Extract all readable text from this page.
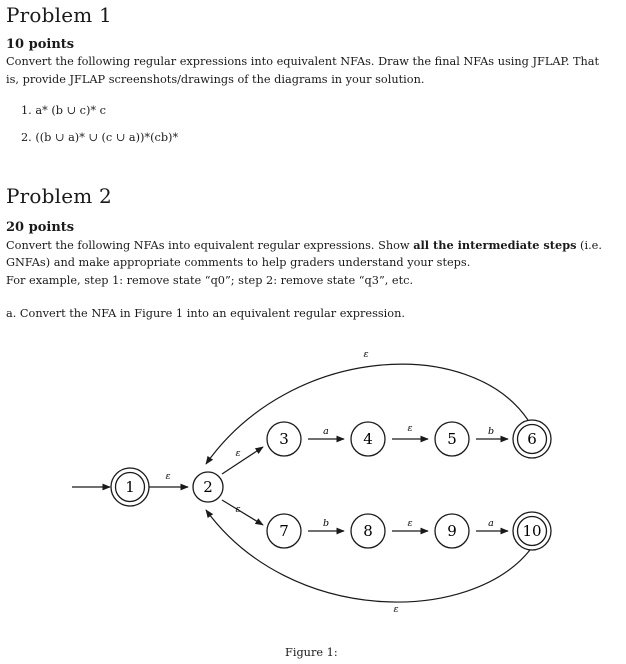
Problem 1
10 points
Convert the following regular expressions into equivalent NFAs. Draw the final NFAs using JFLAP. That
is, provide JFLAP screenshots/drawings of the diagrams in your solution.
1. a* (b ∪ c)* c
2. ((b ∪ a)* ∪ (c ∪ a))*(cb)*
Problem 2
20 points
Convert the following NFAs into equivalent regular expressions. Show all the intermediate steps (i.e.
GNFAs) and make appropriate comments to help graders understand your steps.
For example, step 1: remove state “q0”; step 2: remove state “q3”, etc.
a. Convert the NFA in Figure 1 into an equivalent regular expression.
1	2
3	4	5	6
7	8	9	10
ε
ε
a	ε	b
ε
ε
b	ε	a
ε
Figure 1:
